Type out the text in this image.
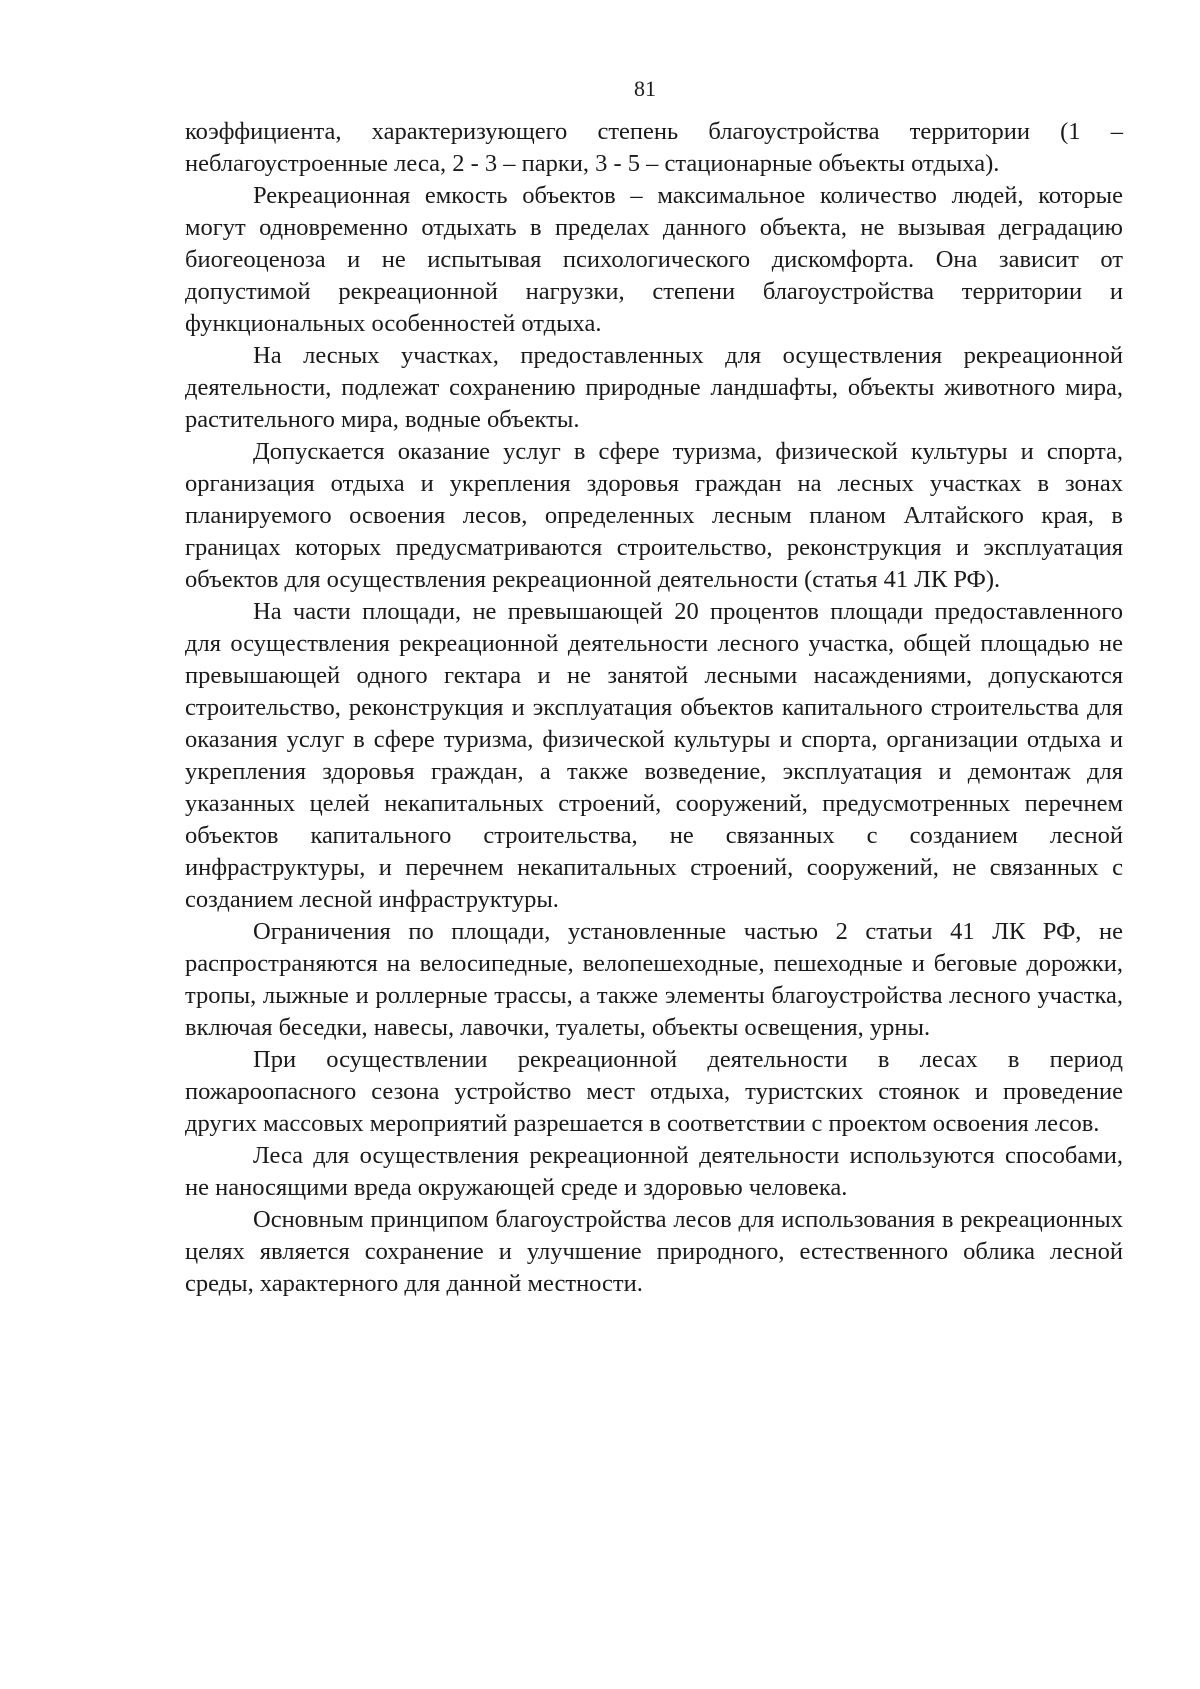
81

коэффициента, характеризующего степень благоустройства территории (1 – неблагоустроенные леса, 2 - 3 – парки, 3 - 5 – стационарные объекты отдыха).

Рекреационная емкость объектов – максимальное количество людей, которые могут одновременно отдыхать в пределах данного объекта, не вызывая деградацию биогеоценоза и не испытывая психологического дискомфорта. Она зависит от допустимой рекреационной нагрузки, степени благоустройства территории и функциональных особенностей отдыха.

На лесных участках, предоставленных для осуществления рекреационной деятельности, подлежат сохранению природные ландшафты, объекты животного мира, растительного мира, водные объекты.

Допускается оказание услуг в сфере туризма, физической культуры и спорта, организация отдыха и укрепления здоровья граждан на лесных участках в зонах планируемого освоения лесов, определенных лесным планом Алтайского края, в границах которых предусматриваются строительство, реконструкция и эксплуатация объектов для осуществления рекреационной деятельности (статья 41 ЛК РФ).

На части площади, не превышающей 20 процентов площади предоставленного для осуществления рекреационной деятельности лесного участка, общей площадью не превышающей одного гектара и не занятой лесными насаждениями, допускаются строительство, реконструкция и эксплуатация объектов капитального строительства для оказания услуг в сфере туризма, физической культуры и спорта, организации отдыха и укрепления здоровья граждан, а также возведение, эксплуатация и демонтаж для указанных целей некапитальных строений, сооружений, предусмотренных перечнем объектов капитального строительства, не связанных с созданием лесной инфраструктуры, и перечнем некапитальных строений, сооружений, не связанных с созданием лесной инфраструктуры.

Ограничения по площади, установленные частью 2 статьи 41 ЛК РФ, не распространяются на велосипедные, велопешеходные, пешеходные и беговые дорожки, тропы, лыжные и роллерные трассы, а также элементы благоустройства лесного участка, включая беседки, навесы, лавочки, туалеты, объекты освещения, урны.

При осуществлении рекреационной деятельности в лесах в период пожароопасного сезона устройство мест отдыха, туристских стоянок и проведение других массовых мероприятий разрешается в соответствии с проектом освоения лесов.

Леса для осуществления рекреационной деятельности используются способами, не наносящими вреда окружающей среде и здоровью человека.

Основным принципом благоустройства лесов для использования в рекреационных целях является сохранение и улучшение природного, естественного облика лесной среды, характерного для данной местности.
